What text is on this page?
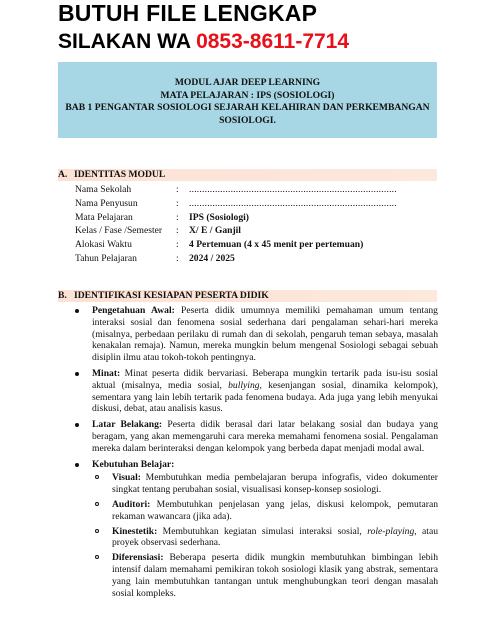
BUTUH FILE LENGKAP
SILAKAN WA 0853-8611-7714
MODUL AJAR DEEP LEARNING
MATA PELAJARAN : IPS (SOSIOLOGI)
BAB 1 PENGANTAR SOSIOLOGI SEJARAH KELAHIRAN DAN PERKEMBANGAN SOSIOLOGI.
A. IDENTITAS MODUL
Nama Sekolah	: ................................................................................
Nama Penyusun	: ................................................................................
Mata Pelajaran	: IPS (Sosiologi)
Kelas / Fase /Semester	: X/ E / Ganjil
Alokasi Waktu	: 4 Pertemuan (4 x 45 menit per pertemuan)
Tahun Pelajaran	: 2024 / 2025
B. IDENTIFIKASI KESIAPAN PESERTA DIDIK
Pengetahuan Awal: Peserta didik umumnya memiliki pemahaman umum tentang interaksi sosial dan fenomena sosial sederhana dari pengalaman sehari-hari mereka (misalnya, perbedaan perilaku di rumah dan di sekolah, pengaruh teman sebaya, masalah kenakalan remaja). Namun, mereka mungkin belum mengenal Sosiologi sebagai sebuah disiplin ilmu atau tokoh-tokoh pentingnya.
Minat: Minat peserta didik bervariasi. Beberapa mungkin tertarik pada isu-isu sosial aktual (misalnya, media sosial, bullying, kesenjangan sosial, dinamika kelompok), sementara yang lain lebih tertarik pada fenomena budaya. Ada juga yang lebih menyukai diskusi, debat, atau analisis kasus.
Latar Belakang: Peserta didik berasal dari latar belakang sosial dan budaya yang beragam, yang akan memengaruhi cara mereka memahami fenomena sosial. Pengalaman mereka dalam berinteraksi dengan kelompok yang berbeda dapat menjadi modal awal.
Kebutuhan Belajar:
Visual: Membutuhkan media pembelajaran berupa infografis, video dokumenter singkat tentang perubahan sosial, visualisasi konsep-konsep sosiologi.
Auditori: Membutuhkan penjelasan yang jelas, diskusi kelompok, pemutaran rekaman wawancara (jika ada).
Kinestetik: Membutuhkan kegiatan simulasi interaksi sosial, role-playing, atau proyek observasi sederhana.
Diferensiasi: Beberapa peserta didik mungkin membutuhkan bimbingan lebih intensif dalam memahami pemikiran tokoh sosiologi klasik yang abstrak, sementara yang lain membutuhkan tantangan untuk menghubungkan teori dengan masalah sosial kompleks.
